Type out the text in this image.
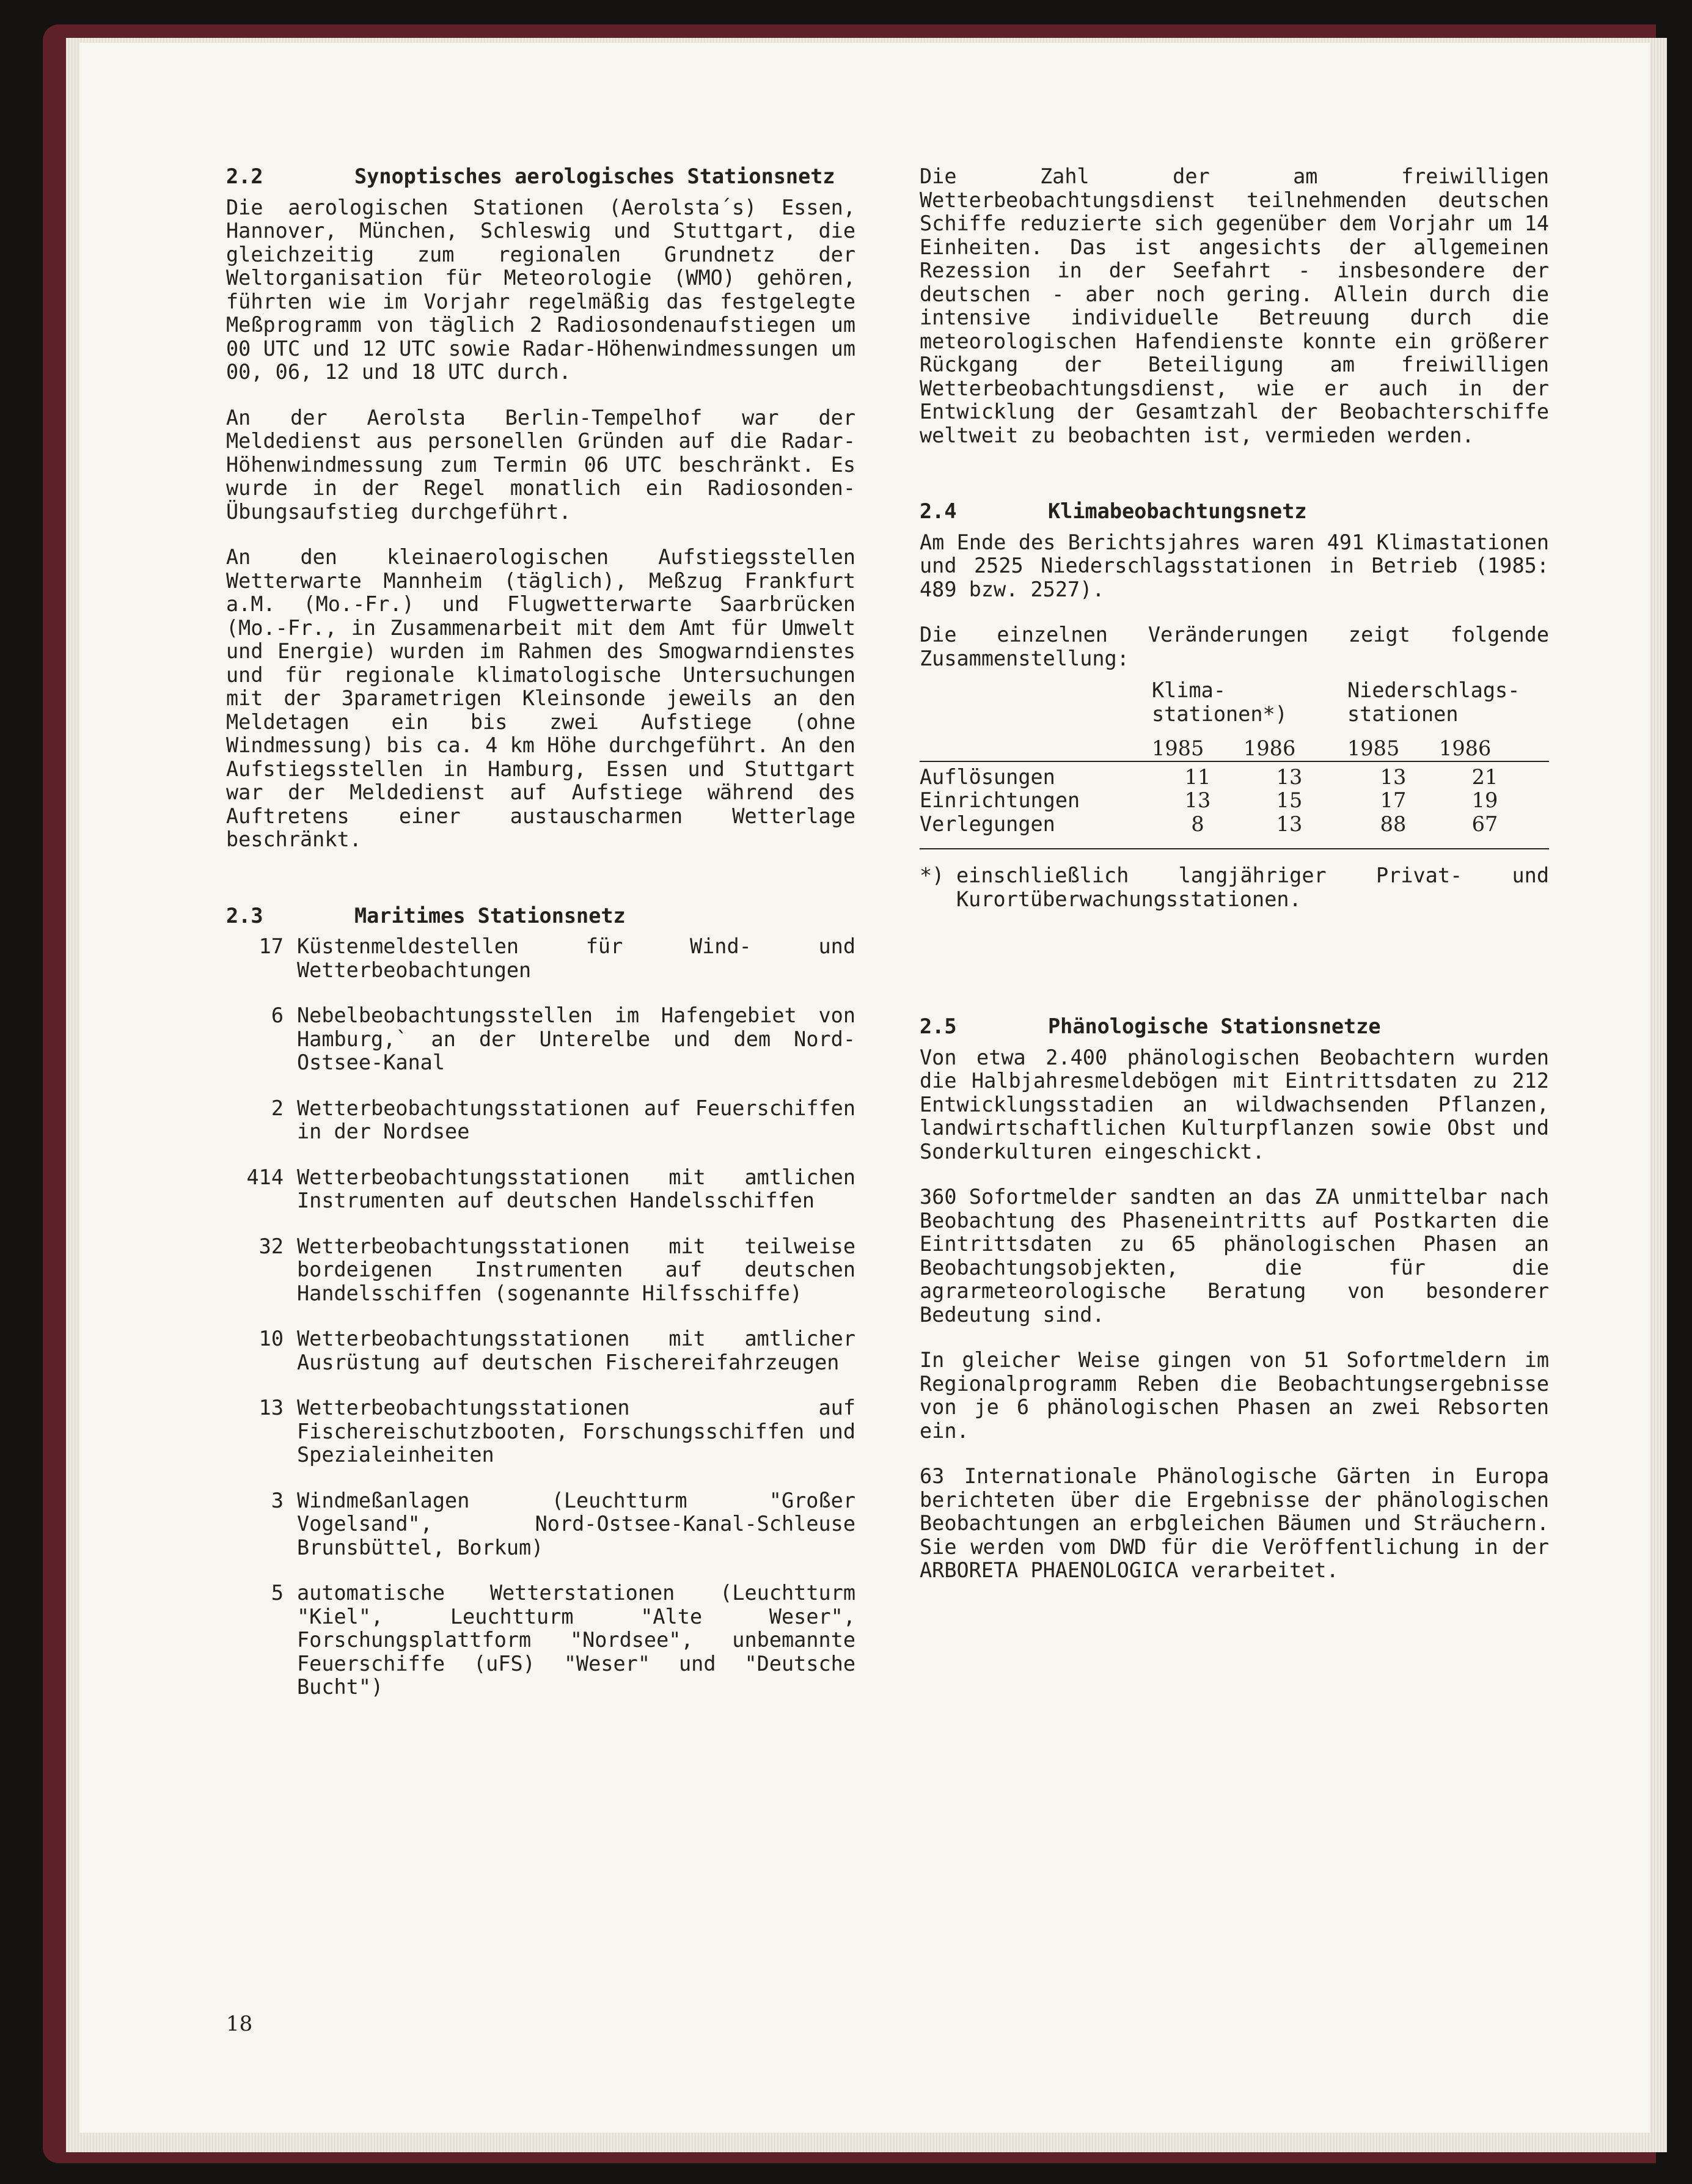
2.2	Synoptisches aerologisches Stationsnetz
Die aerologischen Stationen (Aerolsta´s) Essen, Hannover, München, Schleswig und Stuttgart, die gleichzeitig zum regionalen Grundnetz der Weltorganisation für Meteorologie (WMO) gehören, führten wie im Vorjahr regelmäßig das festgelegte Meßprogramm von täglich 2 Radiosondenaufstiegen um 00 UTC und 12 UTC sowie Radar-Höhenwindmessungen um 00, 06, 12 und 18 UTC durch.
An der Aerolsta Berlin-Tempelhof war der Meldedienst aus personellen Gründen auf die Radar-Höhenwindmessung zum Termin 06 UTC beschränkt. Es wurde in der Regel monatlich ein Radiosonden-Übungsaufstieg durchgeführt.
An den kleinaerologischen Aufstiegsstellen Wetterwarte Mannheim (täglich), Meßzug Frankfurt a.M. (Mo.-Fr.) und Flugwetterwarte Saarbrücken (Mo.-Fr., in Zusammenarbeit mit dem Amt für Umwelt und Energie) wurden im Rahmen des Smogwarndienstes und für regionale klimatologische Untersuchungen mit der 3parametrigen Kleinsonde jeweils an den Meldetagen ein bis zwei Aufstiege (ohne Windmessung) bis ca. 4 km Höhe durchgeführt. An den Aufstiegsstellen in Hamburg, Essen und Stuttgart war der Meldedienst auf Aufstiege während des Auftretens einer austauscharmen Wetterlage beschränkt.
2.3	Maritimes Stationsnetz
17 Küstenmeldestellen für Wind- und Wetterbeobachtungen
6 Nebelbeobachtungsstellen im Hafengebiet von Hamburg,` an der Unterelbe und dem Nord-Ostsee-Kanal
2 Wetterbeobachtungsstationen auf Feuerschiffen in der Nordsee
414 Wetterbeobachtungsstationen mit amtlichen Instrumenten auf deutschen Handelsschiffen
32 Wetterbeobachtungsstationen mit teilweise bordeigenen Instrumenten auf deutschen Handelsschiffen (sogenannte Hilfsschiffe)
10 Wetterbeobachtungsstationen mit amtlicher Ausrüstung auf deutschen Fischereifahrzeugen
13 Wetterbeobachtungsstationen auf Fischereischutzbooten, Forschungsschiffen und Spezialeinheiten
3 Windmeßanlagen (Leuchtturm "Großer Vogelsand", Nord-Ostsee-Kanal-Schleuse Brunsbüttel, Borkum)
5 automatische Wetterstationen (Leuchtturm "Kiel", Leuchtturm "Alte Weser", Forschungsplattform "Nordsee", unbemannte Feuerschiffe (uFS) "Weser" und "Deutsche Bucht")
Die Zahl der am freiwilligen Wetterbeobachtungsdienst teilnehmenden deutschen Schiffe reduzierte sich gegenüber dem Vorjahr um 14 Einheiten. Das ist angesichts der allgemeinen Rezession in der Seefahrt - insbesondere der deutschen - aber noch gering. Allein durch die intensive individuelle Betreuung durch die meteorologischen Hafendienste konnte ein größerer Rückgang der Beteiligung am freiwilligen Wetterbeobachtungsdienst, wie er auch in der Entwicklung der Gesamtzahl der Beobachterschiffe weltweit zu beobachten ist, vermieden werden.
2.4	Klimabeobachtungsnetz
Am Ende des Berichtsjahres waren 491 Klimastationen und 2525 Niederschlagsstationen in Betrieb (1985: 489 bzw. 2527).
Die einzelnen Veränderungen zeigt folgende Zusammenstellung:
Klima-
stationen*)
Niederschlags-
stationen
1985	1986	1985	1986
Auflösungen	11	13	13	21
Einrichtungen	13	15	17	19
Verlegungen	8	13	88	67
*) einschließlich langjähriger Privat- und Kurortüberwachungsstationen.
2.5	Phänologische Stationsnetze
Von etwa 2.400 phänologischen Beobachtern wurden die Halbjahresmeldebögen mit Eintrittsdaten zu 212 Entwicklungsstadien an wildwachsenden Pflanzen, landwirtschaftlichen Kulturpflanzen sowie Obst und Sonderkulturen eingeschickt.
360 Sofortmelder sandten an das ZA unmittelbar nach Beobachtung des Phaseneintritts auf Postkarten die Eintrittsdaten zu 65 phänologischen Phasen an Beobachtungsobjekten, die für die agrarmeteorologische Beratung von besonderer Bedeutung sind.
In gleicher Weise gingen von 51 Sofortmeldern im Regionalprogramm Reben die Beobachtungsergebnisse von je 6 phänologischen Phasen an zwei Rebsorten ein.
63 Internationale Phänologische Gärten in Europa berichteten über die Ergebnisse der phänologischen Beobachtungen an erbgleichen Bäumen und Sträuchern. Sie werden vom DWD für die Veröffentlichung in der ARBORETA PHAENOLOGICA verarbeitet.
18
